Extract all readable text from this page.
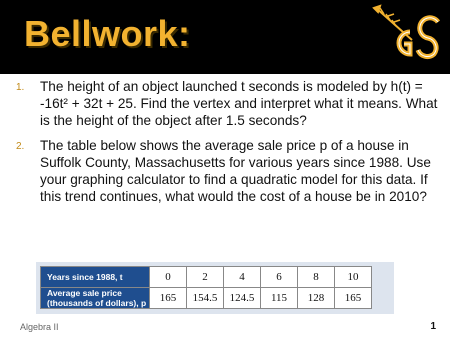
Bellwork:
1. The height of an object launched t seconds is modeled by h(t) = -16t² + 32t + 25. Find the vertex and interpret what it means. What is the height of the object after 1.5 seconds?
2. The table below shows the average sale price p of a house in Suffolk County, Massachusetts for various years since 1988. Use your graphing calculator to find a quadratic model for this data. If this trend continues, what would the cost of a house be in 2010?
Years since 1988, t	0	2	4	6	8	10
Average sale price (thousands of dollars), p	165	154.5	124.5	115	128	165
Algebra II	1
